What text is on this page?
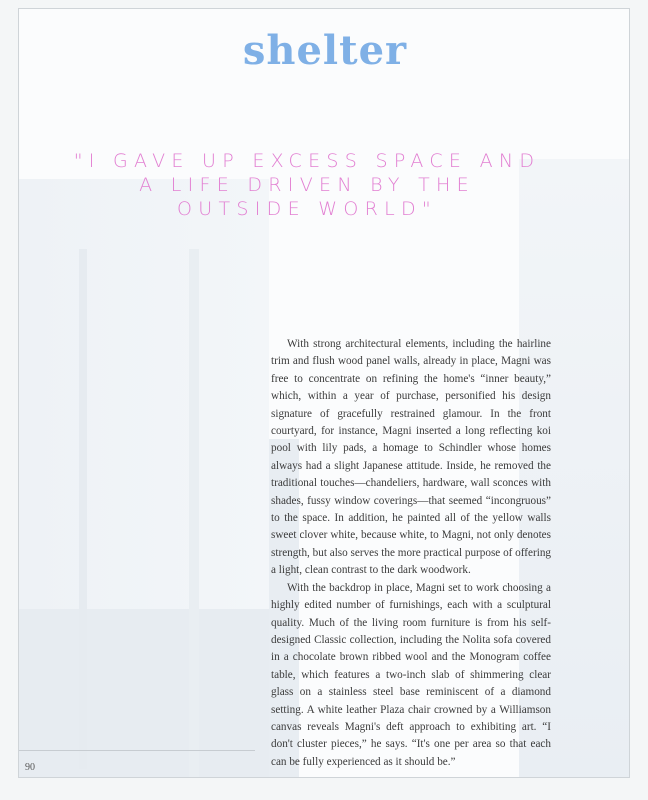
shelter
"I GAVE UP EXCESS SPACE AND
A LIFE DRIVEN BY THE
OUTSIDE WORLD"

With strong architectural elements, including the hairline trim and flush wood panel walls, already in place, Magni was free to concentrate on refining the home's “inner beauty,” which, within a year of purchase, personified his design signature of gracefully restrained glamour. In the front courtyard, for instance, Magni inserted a long reflecting koi pool with lily pads, a homage to Schindler whose homes always had a slight Japanese attitude. Inside, he removed the traditional touches—chandeliers, hardware, wall sconces with shades, fussy window coverings—that seemed “incongruous” to the space. In addition, he painted all of the yellow walls sweet clover white, because white, to Magni, not only denotes strength, but also serves the more practical purpose of offering a light, clean contrast to the dark woodwork.

With the backdrop in place, Magni set to work choosing a highly edited number of furnishings, each with a sculptural quality. Much of the living room furniture is from his self-designed Classic collection, including the Nolita sofa covered in a chocolate brown ribbed wool and the Monogram coffee table, which features a two-inch slab of shimmering clear glass on a stainless steel base reminiscent of a diamond setting. A white leather Plaza chair crowned by a Williamson canvas reveals Magni's deft approach to exhibiting art. “I don't cluster pieces,” he says. “It's one per area so that each can be fully experienced as it should be.”

90
